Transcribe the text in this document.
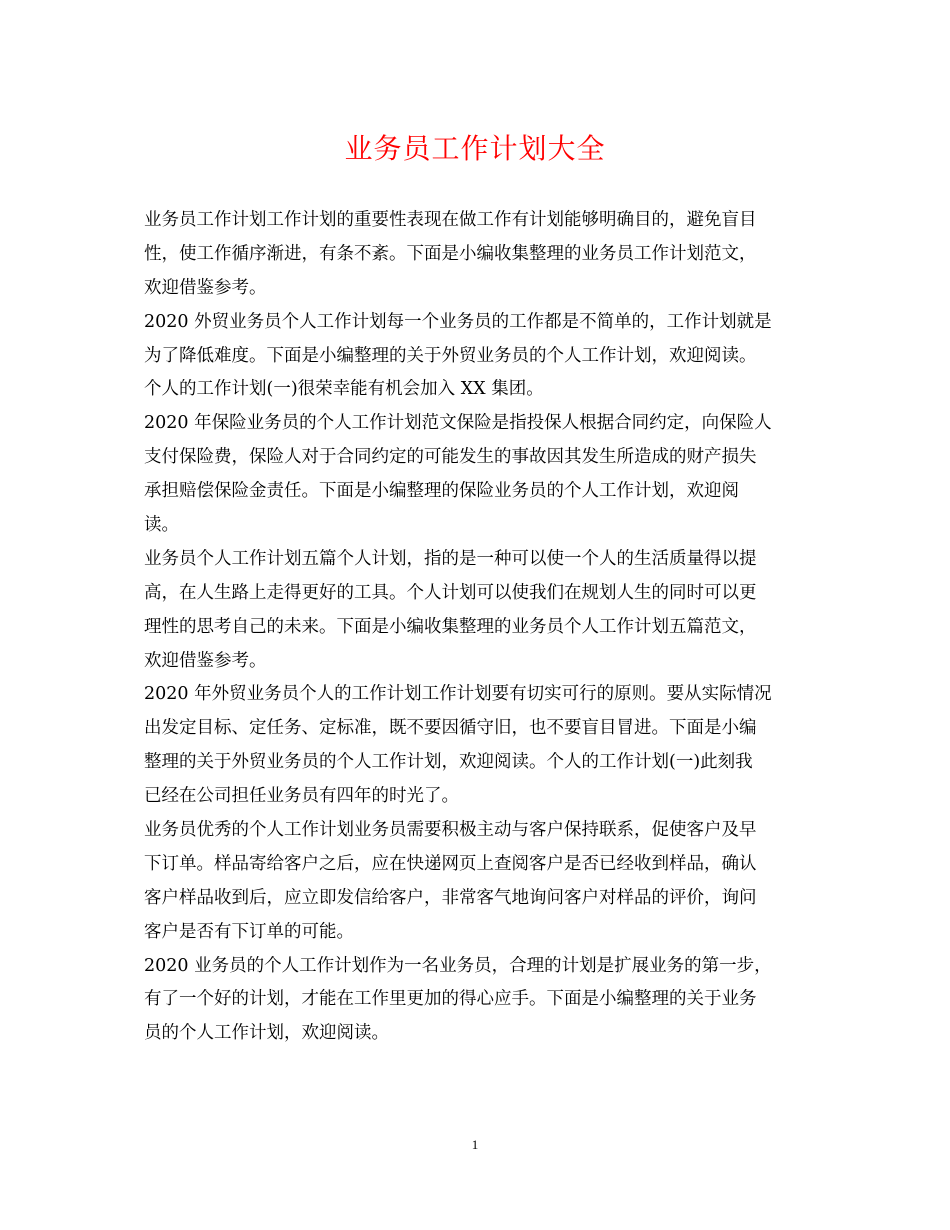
业务员工作计划大全
业务员工作计划工作计划的重要性表现在做工作有计划能够明确目的，避免盲目
性，使工作循序渐进，有条不紊。下面是小编收集整理的业务员工作计划范文，
欢迎借鉴参考。
2020 外贸业务员个人工作计划每一个业务员的工作都是不简单的，工作计划就是
为了降低难度。下面是小编整理的关于外贸业务员的个人工作计划，欢迎阅读。
个人的工作计划(一)很荣幸能有机会加入 XX 集团。
2020 年保险业务员的个人工作计划范文保险是指投保人根据合同约定，向保险人
支付保险费，保险人对于合同约定的可能发生的事故因其发生所造成的财产损失
承担赔偿保险金责任。下面是小编整理的保险业务员的个人工作计划，欢迎阅
读。
业务员个人工作计划五篇个人计划，指的是一种可以使一个人的生活质量得以提
高，在人生路上走得更好的工具。个人计划可以使我们在规划人生的同时可以更
理性的思考自己的未来。下面是小编收集整理的业务员个人工作计划五篇范文，
欢迎借鉴参考。
2020 年外贸业务员个人的工作计划工作计划要有切实可行的原则。要从实际情况
出发定目标、定任务、定标准，既不要因循守旧，也不要盲目冒进。下面是小编
整理的关于外贸业务员的个人工作计划，欢迎阅读。个人的工作计划(一)此刻我
已经在公司担任业务员有四年的时光了。
业务员优秀的个人工作计划业务员需要积极主动与客户保持联系，促使客户及早
下订单。样品寄给客户之后，应在快递网页上查阅客户是否已经收到样品，确认
客户样品收到后，应立即发信给客户，非常客气地询问客户对样品的评价，询问
客户是否有下订单的可能。
2020 业务员的个人工作计划作为一名业务员，合理的计划是扩展业务的第一步，
有了一个好的计划，才能在工作里更加的得心应手。下面是小编整理的关于业务
员的个人工作计划，欢迎阅读。
1
